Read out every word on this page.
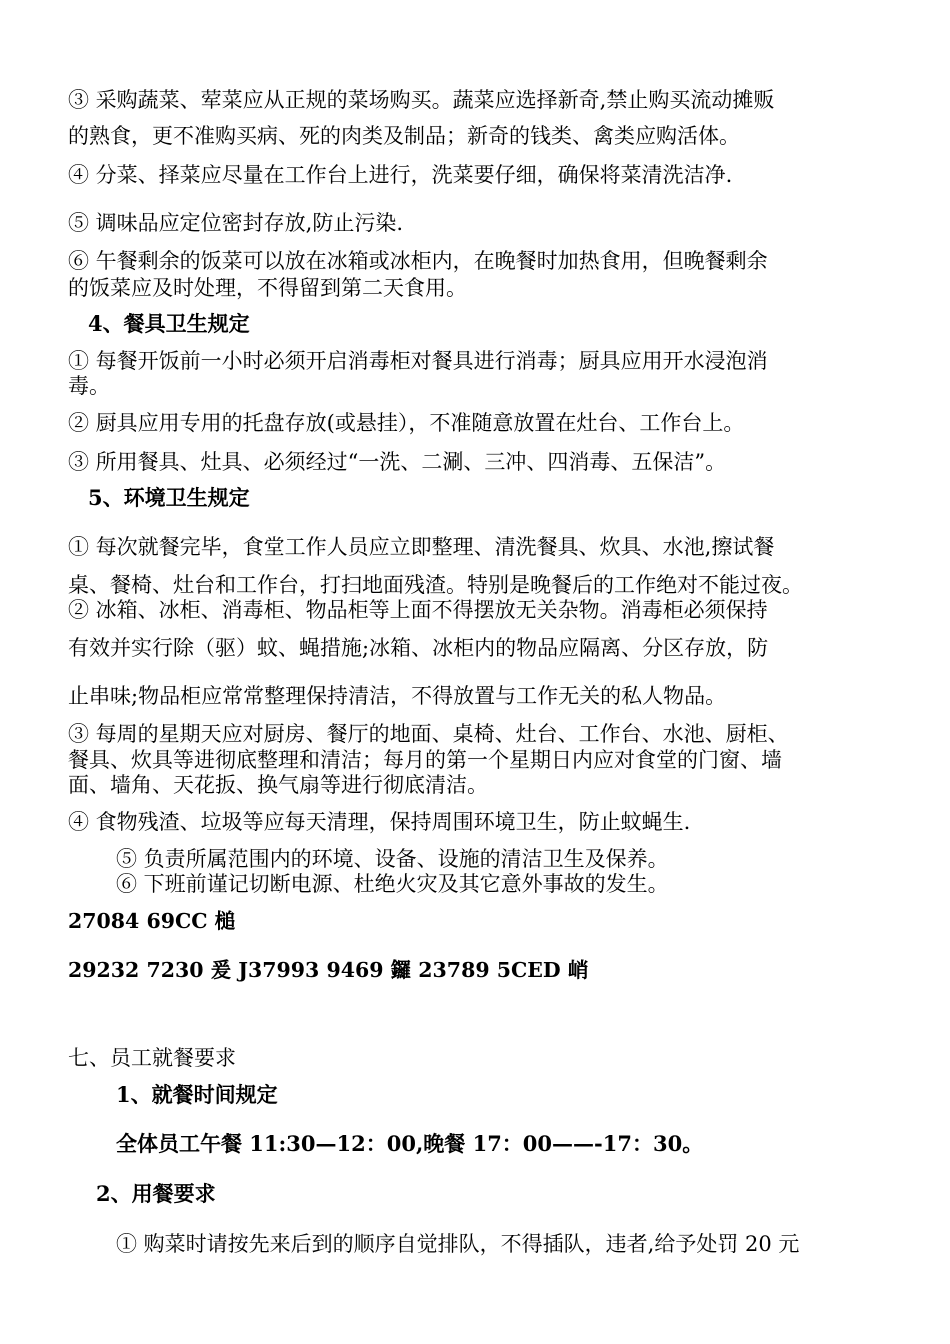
③ 采购蔬菜、荤菜应从正规的菜场购买。蔬菜应选择新奇,禁止购买流动摊贩

的熟食，更不准购买病、死的肉类及制品；新奇的钱类、禽类应购活体。

④ 分菜、择菜应尽量在工作台上进行，洗菜要仔细，确保将菜清洗洁净.

⑤ 调味品应定位密封存放,防止污染.

⑥ 午餐剩余的饭菜可以放在冰箱或冰柜内，在晚餐时加热食用，但晚餐剩余

的饭菜应及时处理，不得留到第二天食用。

4、餐具卫生规定

① 每餐开饭前一小时必须开启消毒柜对餐具进行消毒；厨具应用开水浸泡消

毒。

② 厨具应用专用的托盘存放(或悬挂），不准随意放置在灶台、工作台上。

③ 所用餐具、灶具、必须经过“一洗、二涮、三冲、四消毒、五保洁”。

5、环境卫生规定

① 每次就餐完毕，食堂工作人员应立即整理、清洗餐具、炊具、水池,擦试餐

桌、餐椅、灶台和工作台，打扫地面残渣。特别是晚餐后的工作绝对不能过夜。

② 冰箱、冰柜、消毒柜、物品柜等上面不得摆放无关杂物。消毒柜必须保持

有效并实行除（驱）蚊、蝇措施;冰箱、冰柜内的物品应隔离、分区存放，防

止串味;物品柜应常常整理保持清洁，不得放置与工作无关的私人物品。

③ 每周的星期天应对厨房、餐厅的地面、桌椅、灶台、工作台、水池、厨柜、

餐具、炊具等进彻底整理和清洁；每月的第一个星期日内应对食堂的门窗、墙

面、墙角、天花扳、换气扇等进行彻底清洁。

④ 食物残渣、垃圾等应每天清理，保持周围环境卫生，防止蚊蝇生.

⑤ 负责所属范围内的环境、设备、设施的清洁卫生及保养。

⑥ 下班前谨记切断电源、杜绝火灾及其它意外事故的发生。

27084 69CC 槌

29232 7230 爰 J37993 9469 鑼 23789 5CED 峭

七、员工就餐要求

1、就餐时间规定

全体员工午餐 11:30—12：00,晚餐 17：00——-17：30。

2、用餐要求

① 购菜时请按先来后到的顺序自觉排队，不得插队，违者,给予处罚 20 元
